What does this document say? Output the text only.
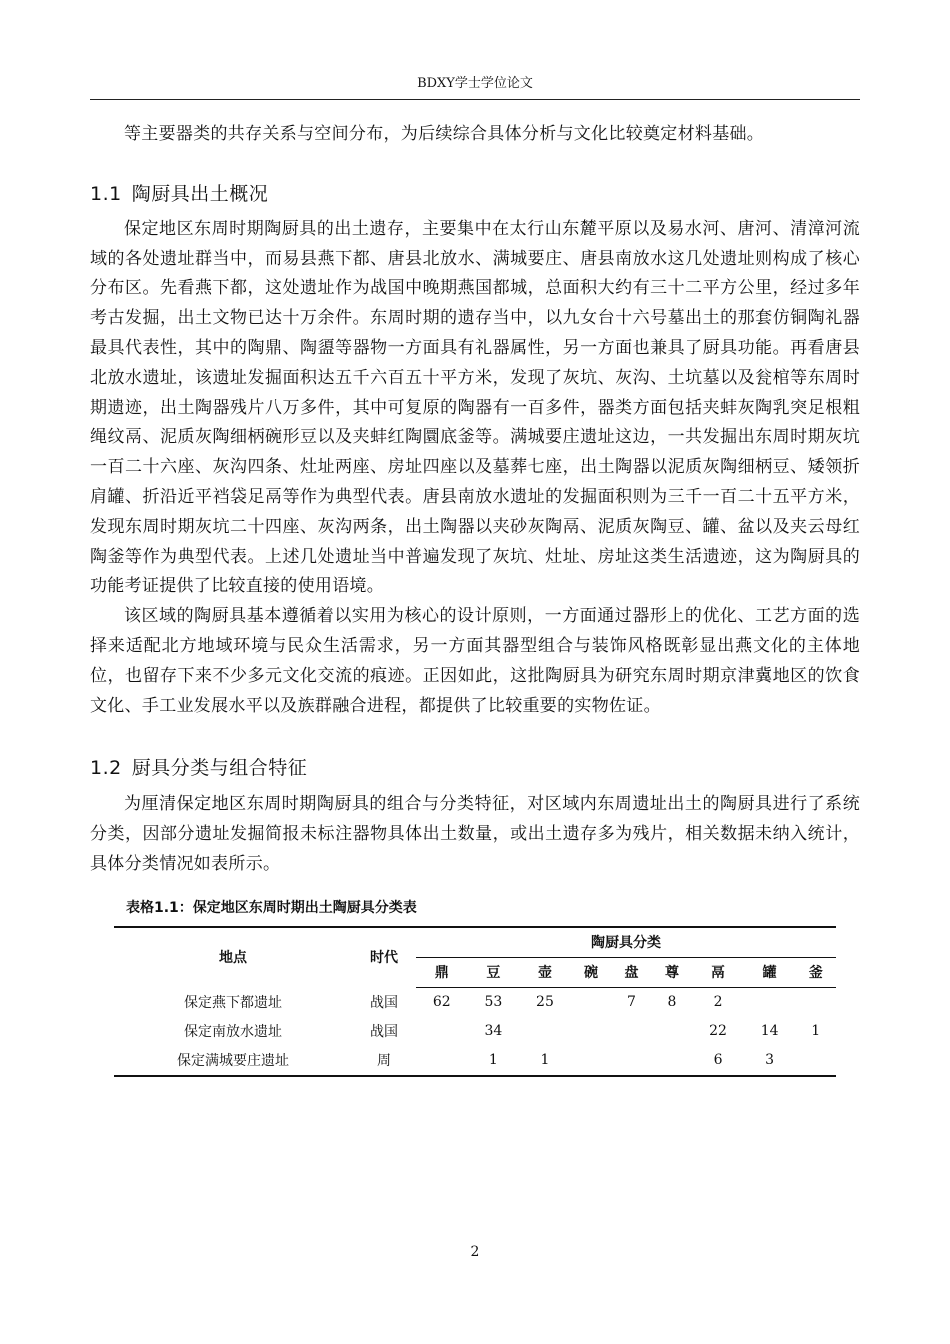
BDXY学士学位论文

等主要器类的共存关系与空间分布，为后续综合具体分析与文化比较奠定材料基础。

1.1 陶厨具出土概况

保定地区东周时期陶厨具的出土遗存，主要集中在太行山东麓平原以及易水河、唐河、清漳河流域的各处遗址群当中，而易县燕下都、唐县北放水、满城要庄、唐县南放水这几处遗址则构成了核心分布区。先看燕下都，这处遗址作为战国中晚期燕国都城，总面积大约有三十二平方公里，经过多年考古发掘，出土文物已达十万余件。东周时期的遗存当中，以九女台十六号墓出土的那套仿铜陶礼器最具代表性，其中的陶鼎、陶盨等器物一方面具有礼器属性，另一方面也兼具了厨具功能。再看唐县北放水遗址，该遗址发掘面积达五千六百五十平方米，发现了灰坑、灰沟、土坑墓以及瓮棺等东周时期遗迹，出土陶器残片八万多件，其中可复原的陶器有一百多件，器类方面包括夹蚌灰陶乳突足根粗绳纹鬲、泥质灰陶细柄碗形豆以及夹蚌红陶圜底釜等。满城要庄遗址这边，一共发掘出东周时期灰坑一百二十六座、灰沟四条、灶址两座、房址四座以及墓葬七座，出土陶器以泥质灰陶细柄豆、矮领折肩罐、折沿近平裆袋足鬲等作为典型代表。唐县南放水遗址的发掘面积则为三千一百二十五平方米，发现东周时期灰坑二十四座、灰沟两条，出土陶器以夹砂灰陶鬲、泥质灰陶豆、罐、盆以及夹云母红陶釜等作为典型代表。上述几处遗址当中普遍发现了灰坑、灶址、房址这类生活遗迹，这为陶厨具的功能考证提供了比较直接的使用语境。

该区域的陶厨具基本遵循着以实用为核心的设计原则，一方面通过器形上的优化、工艺方面的选择来适配北方地域环境与民众生活需求，另一方面其器型组合与装饰风格既彰显出燕文化的主体地位，也留存下来不少多元文化交流的痕迹。正因如此，这批陶厨具为研究东周时期京津冀地区的饮食文化、手工业发展水平以及族群融合进程，都提供了比较重要的实物佐证。

1.2 厨具分类与组合特征

为厘清保定地区东周时期陶厨具的组合与分类特征，对区域内东周遗址出土的陶厨具进行了系统分类，因部分遗址发掘简报未标注器物具体出土数量，或出土遗存多为残片，相关数据未纳入统计，具体分类情况如表所示。

表格1.1：保定地区东周时期出土陶厨具分类表
地点	时代	陶厨具分类								
		鼎	豆	壶	碗	盘	尊	鬲	罐	釜
保定燕下都遗址	战国	62	53	25		7	8	2		
保定南放水遗址	战国		34					22	14	1
保定满城要庄遗址	周		1	1				6	3	
2
